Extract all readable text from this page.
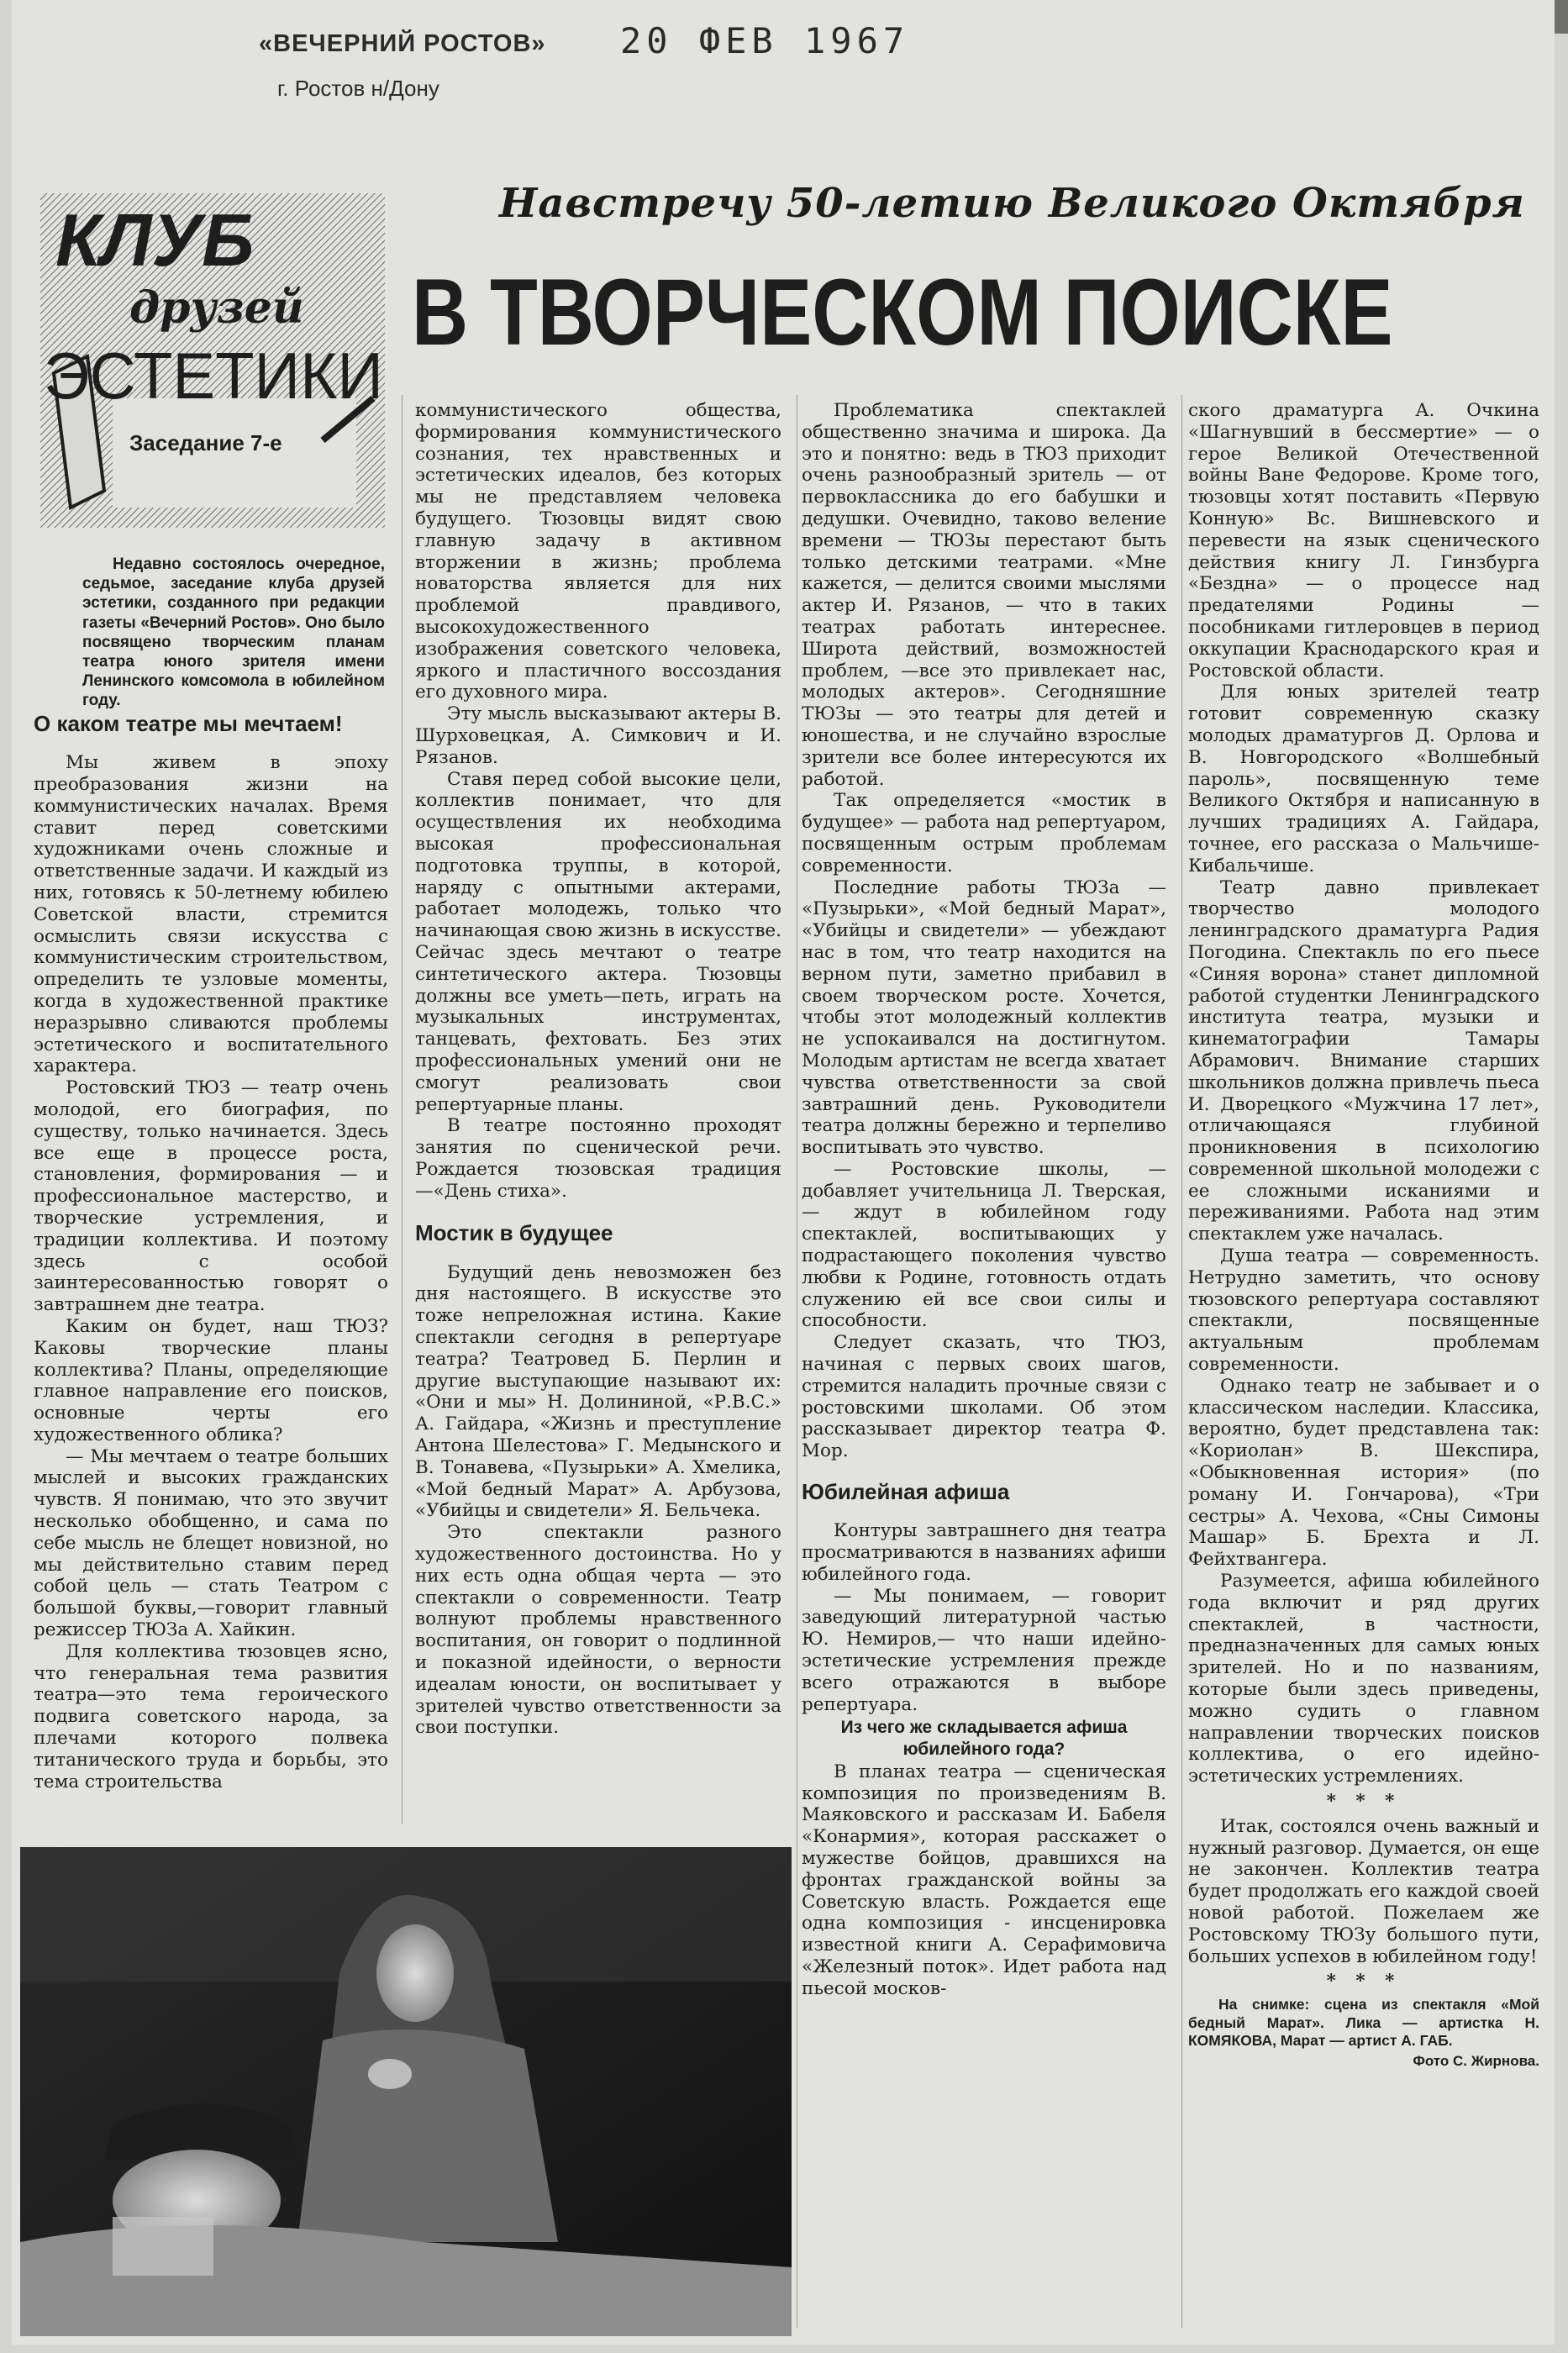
«ВЕЧЕРНИЙ РОСТОВ»
г. Ростов н/Дону
20 ФЕВ 1967
КЛУБ
друзей
ЭСТЕТИКИ
Заседание 7-е

Недавно состоялось очередное, седьмое, заседание клуба друзей эстетики, созданного при редакции газеты «Вечерний Ростов». Оно было посвящено творческим планам театра юного зрителя имени Ленинского комсомола в юбилейном году.

Навстречу 50-летию Великого Октября
В ТВОРЧЕСКОМ ПОИСКЕ
О каком театре мы мечтаем!

Мы живем в эпоху преобразования жизни на коммунистических началах. Время ставит перед советскими художниками очень сложные и ответственные задачи. И каждый из них, готовясь к 50-летнему юбилею Советской власти, стремится осмыслить связи искусства с коммунистическим строительством, определить те узловые моменты, когда в художественной практике неразрывно сливаются проблемы эстетического и воспитательного характера.

Ростовский ТЮЗ — театр очень молодой, его биография, по существу, только начинается. Здесь все еще в процессе роста, становления, формирования — и профессиональное мастерство, и творческие устремления, и традиции коллектива. И поэтому здесь с особой заинтересованностью говорят о завтрашнем дне театра.

Каким он будет, наш ТЮЗ? Каковы творческие планы коллектива? Планы, определяющие главное направление его поисков, основные черты его художественного облика?

— Мы мечтаем о театре больших мыслей и высоких гражданских чувств. Я понимаю, что это звучит несколько обобщенно, и сама по себе мысль не блещет новизной, но мы действительно ставим перед собой цель — стать Театром с большой буквы,—говорит главный режиссер ТЮЗа А. Хайкин.

Для коллектива тюзовцев ясно, что генеральная тема развития театра—это тема героического подвига советского народа, за плечами которого полвека титанического труда и борьбы, это тема строительства

коммунистического общества, формирования коммунистического сознания, тех нравственных и эстетических идеалов, без которых мы не представляем человека будущего. Тюзовцы видят свою главную задачу в активном вторжении в жизнь; проблема новаторства является для них проблемой правдивого, высокохудожественного изображения советского человека, яркого и пластичного воссоздания его духовного мира.

Эту мысль высказывают актеры В. Шурховецкая, А. Симкович и И. Рязанов.

Ставя перед собой высокие цели, коллектив понимает, что для осуществления их необходима высокая профессиональная подготовка труппы, в которой, наряду с опытными актерами, работает молодежь, только что начинающая свою жизнь в искусстве. Сейчас здесь мечтают о театре синтетического актера. Тюзовцы должны все уметь—петь, играть на музыкальных инструментах, танцевать, фехтовать. Без этих профессиональных умений они не смогут реализовать свои репертуарные планы.

В театре постоянно проходят занятия по сценической речи. Рождается тюзовская традиция —«День стиха».

Мостик в будущее

Будущий день невозможен без дня настоящего. В искусстве это тоже непреложная истина. Какие спектакли сегодня в репертуаре театра? Театровед Б. Перлин и другие выступающие называют их: «Они и мы» Н. Долининой, «Р.В.С.» А. Гайдара, «Жизнь и преступление Антона Шелестова» Г. Медынского и В. Тонавева, «Пузырьки» А. Хмелика, «Мой бедный Марат» А. Арбузова, «Убийцы и свидетели» Я. Бельчека.

Это спектакли разного художественного достоинства. Но у них есть одна общая черта — это спектакли о современности. Театр волнуют проблемы нравственного воспитания, он говорит о подлинной и показной идейности, о верности идеалам юности, он воспитывает у зрителей чувство ответственности за свои поступки.

Проблематика спектаклей общественно значима и широка. Да это и понятно: ведь в ТЮЗ приходит очень разнообразный зритель — от первоклассника до его бабушки и дедушки. Очевидно, таково веление времени — ТЮЗы перестают быть только детскими театрами. «Мне кажется, — делится своими мыслями актер И. Рязанов, — что в таких театрах работать интереснее. Широта действий, возможностей проблем, —все это привлекает нас, молодых актеров». Сегодняшние ТЮЗы — это театры для детей и юношества, и не случайно взрослые зрители все более интересуются их работой.

Так определяется «мостик в будущее» — работа над репертуаром, посвященным острым проблемам современности.

Последние работы ТЮЗа — «Пузырьки», «Мой бедный Марат», «Убийцы и свидетели» — убеждают нас в том, что театр находится на верном пути, заметно прибавил в своем творческом росте. Хочется, чтобы этот молодежный коллектив не успокаивался на достигнутом. Молодым артистам не всегда хватает чувства ответственности за свой завтрашний день. Руководители театра должны бережно и терпеливо воспитывать это чувство.

— Ростовские школы, — добавляет учительница Л. Тверская, — ждут в юбилейном году спектаклей, воспитывающих у подрастающего поколения чувство любви к Родине, готовность отдать служению ей все свои силы и способности.

Следует сказать, что ТЮЗ, начиная с первых своих шагов, стремится наладить прочные связи с ростовскими школами. Об этом рассказывает директор театра Ф. Мор.

Юбилейная афиша

Контуры завтрашнего дня театра просматриваются в названиях афиши юбилейного года.

— Мы понимаем, — говорит заведующий литературной частью Ю. Немиров,— что наши идейно-эстетические устремления прежде всего отражаются в выборе репертуара.

Из чего же складывается афиша юбилейного года?

В планах театра — сценическая композиция по произведениям В. Маяковского и рассказам И. Бабеля «Конармия», которая расскажет о мужестве бойцов, дравшихся на фронтах гражданской войны за Советскую власть. Рождается еще одна композиция - инсценировка известной книги А. Серафимовича «Железный поток». Идет работа над пьесой москов-

ского драматурга А. Очкина «Шагнувший в бессмертие» — о герое Великой Отечественной войны Ване Федорове. Кроме того, тюзовцы хотят поставить «Первую Конную» Вс. Вишневского и перевести на язык сценического действия книгу Л. Гинзбурга «Бездна» — о процессе над предателями Родины — пособниками гитлеровцев в период оккупации Краснодарского края и Ростовской области.

Для юных зрителей театр готовит современную сказку молодых драматургов Д. Орлова и В. Новгородского «Волшебный пароль», посвященную теме Великого Октября и написанную в лучших традициях А. Гайдара, точнее, его рассказа о Мальчише-Кибальчише.

Театр давно привлекает творчество молодого ленинградского драматурга Радия Погодина. Спектакль по его пьесе «Синяя ворона» станет дипломной работой студентки Ленинградского института театра, музыки и кинематографии Тамары Абрамович. Внимание старших школьников должна привлечь пьеса И. Дворецкого «Мужчина 17 лет», отличающаяся глубиной проникновения в психологию современной школьной молодежи с ее сложными исканиями и переживаниями. Работа над этим спектаклем уже началась.

Душа театра — современность. Нетрудно заметить, что основу тюзовского репертуара составляют спектакли, посвященные актуальным проблемам современности.

Однако театр не забывает и о классическом наследии. Классика, вероятно, будет представлена так: «Кориолан» В. Шекспира, «Обыкновенная история» (по роману И. Гончарова), «Три сестры» А. Чехова, «Сны Симоны Машар» Б. Брехта и Л. Фейхтвангера.

Разумеется, афиша юбилейного года включит и ряд других спектаклей, в частности, предназначенных для самых юных зрителей. Но и по названиям, которые были здесь приведены, можно судить о главном направлении творческих поисков коллектива, о его идейно-эстетических устремлениях.

* * *

Итак, состоялся очень важный и нужный разговор. Думается, он еще не закончен. Коллектив театра будет продолжать его каждой своей новой работой. Пожелаем же Ростовскому ТЮЗу большого пути, больших успехов в юбилейном году!

* * *

На снимке: сцена из спектакля «Мой бедный Марат». Лика — артистка Н. КОМЯКОВА, Марат — артист А. ГАБ.

Фото С. Жирнова.
